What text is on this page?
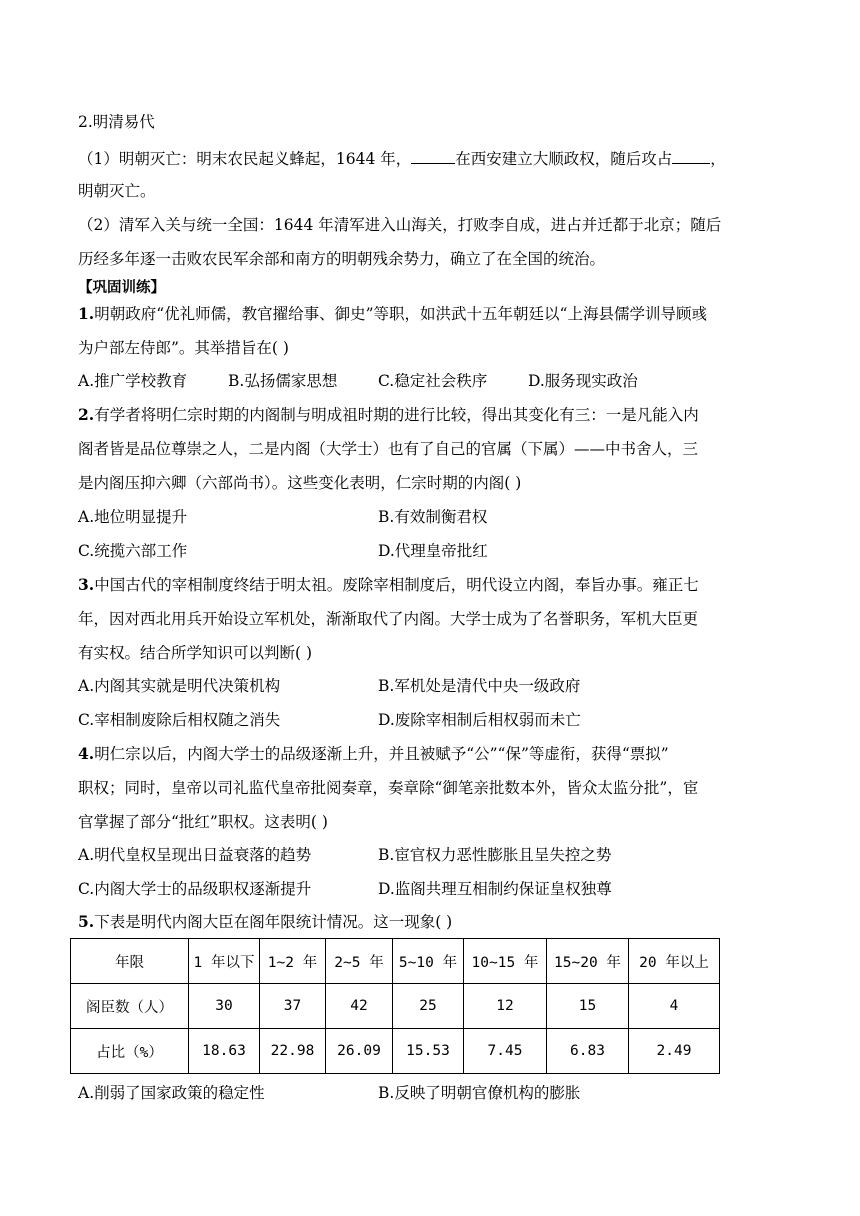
2.明清易代
（1）明朝灭亡：明末农民起义蜂起，1644 年，	在西安建立大顺政权，随后攻占 ，
明朝灭亡。
（2）清军入关与统一全国：1644 年清军进入山海关，打败李自成，进占并迁都于北京；随后
历经多年逐一击败农民军余部和南方的明朝残余势力，确立了在全国的统治。
【巩固训练】
1.明朝政府“优礼师儒，教官擢给事、御史”等职，如洪武十五年朝廷以“上海县儒学训导顾彧
为户部左侍郎”。其举措旨在( )
A.推广学校教育	B.弘扬儒家思想	C.稳定社会秩序	D.服务现实政治
2.有学者将明仁宗时期的内阁制与明成祖时期的进行比较，得出其变化有三：一是凡能入内
阁者皆是品位尊崇之人，二是内阁（大学士）也有了自己的官属（下属）——中书舍人，三
是内阁压抑六卿（六部尚书）。这些变化表明，仁宗时期的内阁( )
A.地位明显提升	B.有效制衡君权
C.统揽六部工作	D.代理皇帝批红
3.中国古代的宰相制度终结于明太祖。废除宰相制度后，明代设立内阁，奉旨办事。雍正七
年，因对西北用兵开始设立军机处，渐渐取代了内阁。大学士成为了名誉职务，军机大臣更
有实权。结合所学知识可以判断( )
A.内阁其实就是明代决策机构	B.军机处是清代中央一级政府
C.宰相制废除后相权随之消失	D.废除宰相制后相权弱而未亡
4.明仁宗以后，内阁大学士的品级逐渐上升，并且被赋予“公”“保”等虚衔，获得“票拟”
职权；同时，皇帝以司礼监代皇帝批阅奏章，奏章除“御笔亲批数本外，皆众太监分批”，宦
官掌握了部分“批红”职权。这表明( )
A.明代皇权呈现出日益衰落的趋势	B.宦官权力恶性膨胀且呈失控之势
C.内阁大学士的品级职权逐渐提升	D.监阁共理互相制约保证皇权独尊
5.下表是明代内阁大臣在阁年限统计情况。这一现象( )
年限	1 年以下	1~2 年	2~5 年	5~10 年	10~15 年	15~20 年	20 年以上
阁臣数（人）	30	37	42	25	12	15	4
占比（%）	18.63	22.98	26.09	15.53	7.45	6.83	2.49
A.削弱了国家政策的稳定性	B.反映了明朝官僚机构的膨胀
